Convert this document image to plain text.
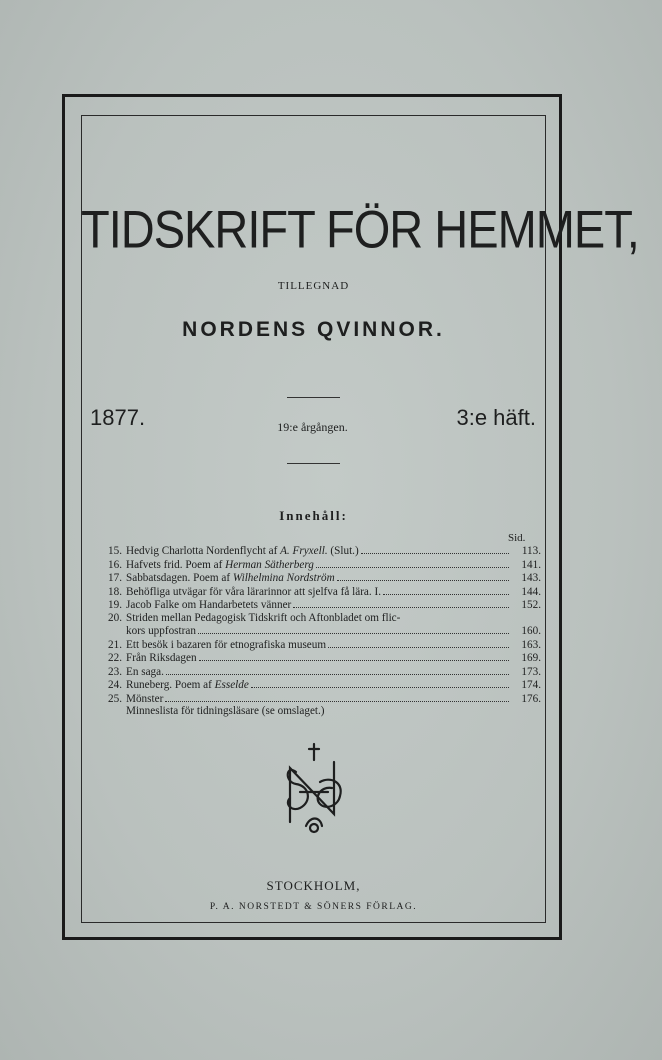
TIDSKRIFT FÖR HEMMET,
TILLEGNAD
NORDENS QVINNOR.
1877.	19:e årgången.	3:e häft.
Innehåll:
Sid.
15. Hedvig Charlotta Nordenflycht af A. Fryxell. (Slut.)	113.
16. Hafvets frid. Poem af Herman Sätherberg	141.
17. Sabbatsdagen. Poem af Wilhelmina Nordström	143.
18. Behöfliga utvägar för våra lärarinnor att sjelfva få lära. I.	144.
19. Jacob Falke om Handarbetets vänner	152.
20. Striden mellan Pedagogisk Tidskrift och Aftonbladet om flic-
kors uppfostran	160.
21. Ett besök i bazaren för etnografiska museum	163.
22. Från Riksdagen	169.
23. En saga.	173.
24. Runeberg. Poem af Esselde	174.
25. Mönster	176.
Minneslista för tidningsläsare (se omslaget.)
STOCKHOLM,
P. A. NORSTEDT & SÖNERS FÖRLAG.
